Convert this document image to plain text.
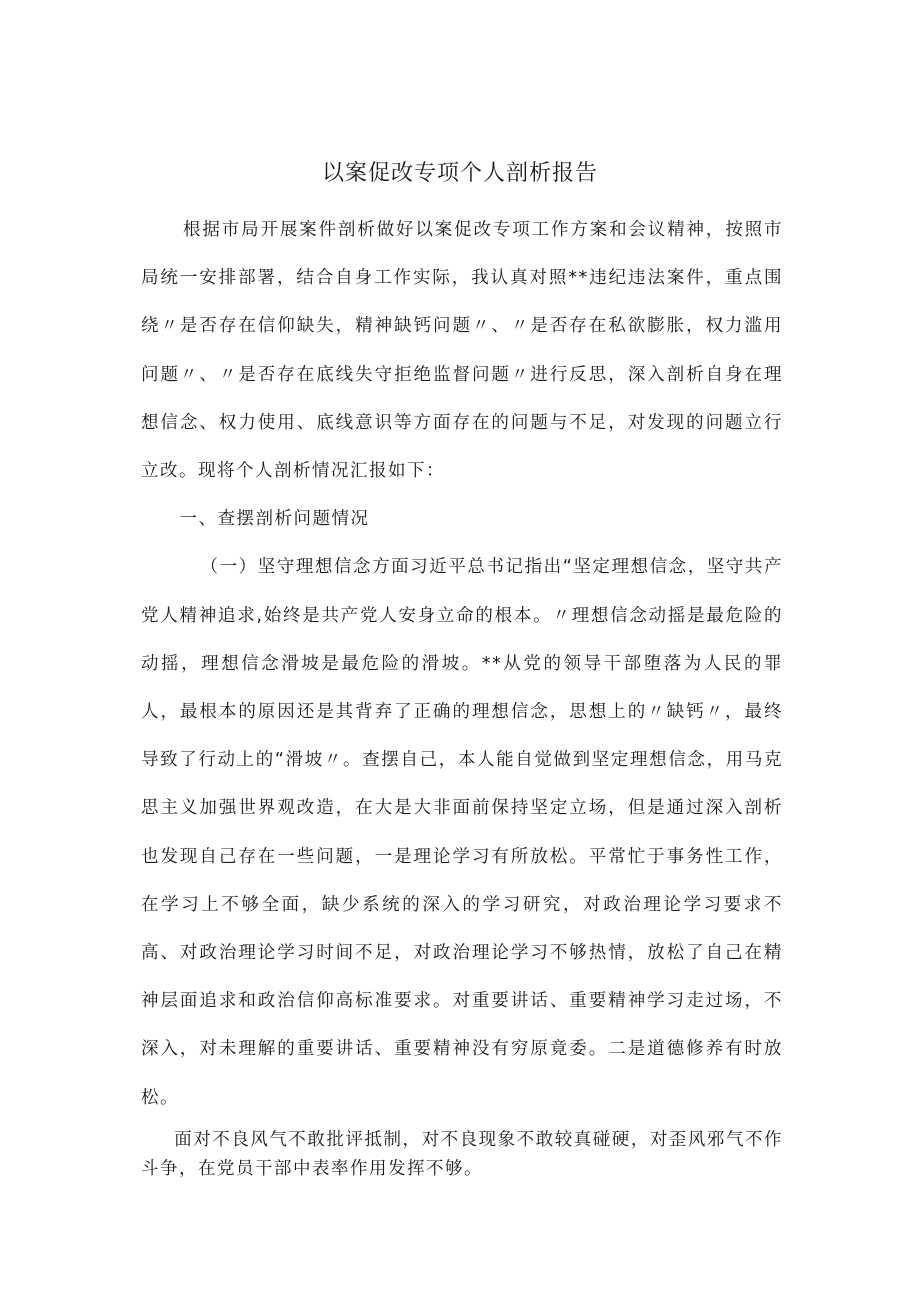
以案促改专项个人剖析报告

根据市局开展案件剖析做好以案促改专项工作方案和会议精神，按照市局统一安排部署，结合自身工作实际，我认真对照**违纪违法案件，重点围绕〃是否存在信仰缺失，精神缺钙问题〃、〃是否存在私欲膨胀，权力滥用问题〃、〃是否存在底线失守拒绝监督问题〃进行反思，深入剖析自身在理想信念、权力使用、底线意识等方面存在的问题与不足，对发现的问题立行立改。现将个人剖析情况汇报如下：

一、查摆剖析问题情况

（一）坚守理想信念方面习近平总书记指出“坚定理想信念，坚守共产党人精神追求,始终是共产党人安身立命的根本。〃理想信念动摇是最危险的动摇，理想信念滑坡是最危险的滑坡。**从党的领导干部堕落为人民的罪人，最根本的原因还是其背弃了正确的理想信念，思想上的〃缺钙〃，最终导致了行动上的“滑坡〃。查摆自己，本人能自觉做到坚定理想信念，用马克思主义加强世界观改造，在大是大非面前保持坚定立场，但是通过深入剖析也发现自己存在一些问题，一是理论学习有所放松。平常忙于事务性工作，在学习上不够全面，缺少系统的深入的学习研究，对政治理论学习要求不高、对政治理论学习时间不足，对政治理论学习不够热情，放松了自己在精神层面追求和政治信仰高标准要求。对重要讲话、重要精神学习走过场，不深入，对未理解的重要讲话、重要精神没有穷原竟委。二是道德修养有时放松。

面对不良风气不敢批评抵制，对不良现象不敢较真碰硬，对歪风邪气不作斗争，在党员干部中表率作用发挥不够。
